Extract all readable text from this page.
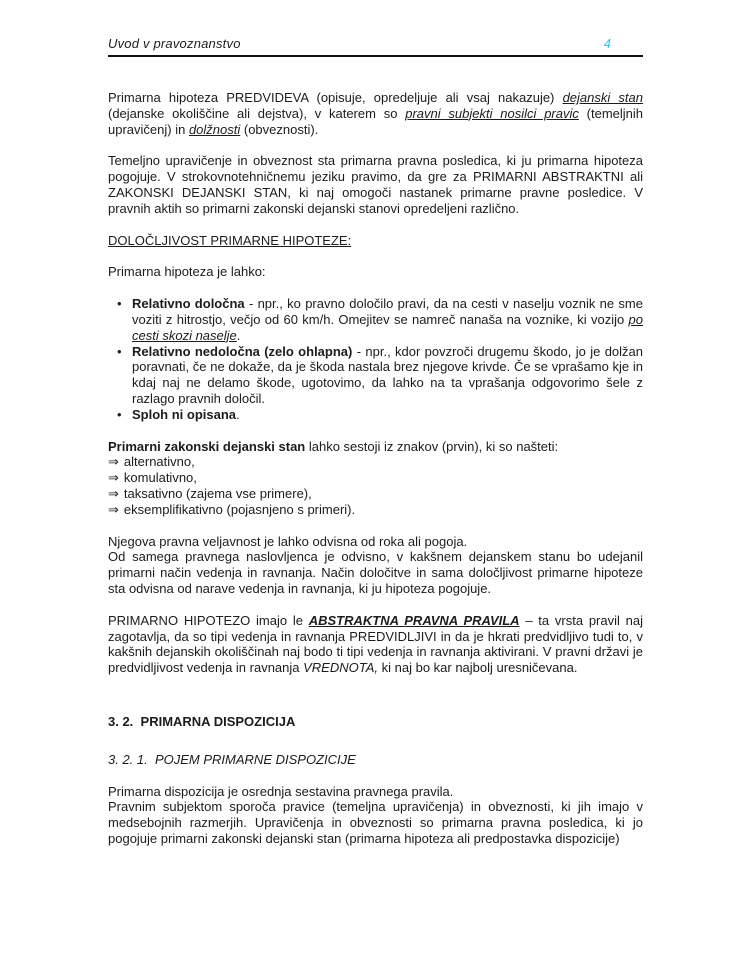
Uvod v pravoznanstvo	4
Primarna hipoteza PREDVIDEVA (opisuje, opredeljuje ali vsaj nakazuje) dejanski stan (dejanske okoliščine ali dejstva), v katerem so pravni subjekti nosilci pravic (temeljnih upravičenj) in dolžnosti (obveznosti).
Temeljno upravičenje in obveznost sta primarna pravna posledica, ki ju primarna hipoteza pogojuje. V strokovnotehničnemu jeziku pravimo, da gre za PRIMARNI ABSTRAKTNI ali ZAKONSKI DEJANSKI STAN, ki naj omogoči nastanek primarne pravne posledice. V pravnih aktih so primarni zakonski dejanski stanovi opredeljeni različno.
DOLOČLJIVOST PRIMARNE HIPOTEZE:
Primarna hipoteza je lahko:
• Relativno določna - npr., ko pravno določilo pravi, da na cesti v naselju voznik ne sme voziti z hitrostjo, večjo od 60 km/h. Omejitev se namreč nanaša na voznike, ki vozijo po cesti skozi naselje.
• Relativno nedoločna (zelo ohlapna) - npr., kdor povzroči drugemu škodo, jo je dolžan poravnati, če ne dokaže, da je škoda nastala brez njegove krivde. Če se vprašamo kje in kdaj naj ne delamo škode, ugotovimo, da lahko na ta vprašanja odgovorimo šele z razlago pravnih določil.
• Sploh ni opisana.
Primarni zakonski dejanski stan lahko sestoji iz znakov (prvin), ki so našteti:
⇒ alternativno,
⇒ komulativno,
⇒ taksativno (zajema vse primere),
⇒ eksemplifikativno (pojasnjeno s primeri).
Njegova pravna veljavnost je lahko odvisna od roka ali pogoja.
Od samega pravnega naslovljenca je odvisno, v kakšnem dejanskem stanu bo udejanil primarni način vedenja in ravnanja. Način določitve in sama določljivost primarne hipoteze sta odvisna od narave vedenja in ravnanja, ki ju hipoteza pogojuje.
PRIMARNO HIPOTEZO imajo le ABSTRAKTNA PRAVNA PRAVILA – ta vrsta pravil naj zagotavlja, da so tipi vedenja in ravnanja PREDVIDLJIVI in da je hkrati predvidljivo tudi to, v kakšnih dejanskih okoliščinah naj bodo ti tipi vedenja in ravnanja aktivirani. V pravni državi je predvidljivost vedenja in ravnanja VREDNOTA, ki naj bo kar najbolj uresničevana.
3. 2.  PRIMARNA DISPOZICIJA
3. 2. 1.  POJEM PRIMARNE DISPOZICIJE
Primarna dispozicija je osrednja sestavina pravnega pravila.
Pravnim subjektom sporoča pravice (temeljna upravičenja) in obveznosti, ki jih imajo v medsebojnih razmerjih. Upravičenja in obveznosti so primarna pravna posledica, ki jo pogojuje primarni zakonski dejanski stan (primarna hipoteza ali predpostavka dispozicije)
